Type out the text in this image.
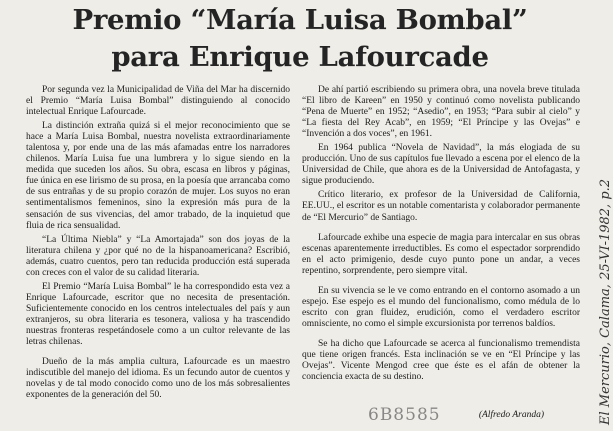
Premio “María Luisa Bombal”
para Enrique Lafourcade

Por segunda vez la Municipalidad de Viña del Mar ha discernido el Premio “María Luisa Bombal” distinguiendo al conocido intelectual Enrique Lafourcade.

La distinción extraña quizá si el mejor reconocimiento que se hace a María Luisa Bombal, nuestra novelista extraordinariamente talentosa y, por ende una de las más afamadas entre los narradores chilenos. María Luisa fue una lumbrera y lo sigue siendo en la medida que suceden los años. Su obra, escasa en libros y páginas, fue única en ese lirismo de su prosa, en la poesía que arrancaba como de sus entrañas y de su propio corazón de mujer. Los suyos no eran sentimentalismos femeninos, sino la expresión más pura de la sensación de sus vivencias, del amor trabado, de la inquietud que fluia de rica sensualidad.

“La Última Niebla” y “La Amortajada” son dos joyas de la literatura chilena y ¿por qué no de la hispanoamericana? Escribió, además, cuatro cuentos, pero tan reducida producción está superada con creces con el valor de su calidad literaria.

El Premio “María Luisa Bombal” le ha correspondido esta vez a Enrique Lafourcade, escritor que no necesita de presentación. Suficientemente conocido en los centros intelectuales del país y aun extranjeros, su obra literaria es tesonera, valiosa y ha trascendido nuestras fronteras respetándosele como a un cultor relevante de las letras chilenas.

Dueño de la más amplia cultura, Lafourcade es un maestro indiscutible del manejo del idioma. Es un fecundo autor de cuentos y novelas y de tal modo conocido como uno de los más sobresalientes exponentes de la generación del 50.

De ahí partió escribiendo su primera obra, una novela breve titulada “El libro de Kareen” en 1950 y continuó como novelista publicando “Pena de Muerte” en 1952; “Asedio”, en 1953; “Para subir al cielo” y “La fiesta del Rey Acab”, en 1959; “El Príncipe y las Ovejas” e “Invención a dos voces”, en 1961.

En 1964 publica “Novela de Navidad”, la más elogiada de su producción. Uno de sus capítulos fue llevado a escena por el elenco de la Universidad de Chile, que ahora es de la Universidad de Antofagasta, y sigue produciendo.

Crítico literario, ex profesor de la Universidad de California, EE.UU., el escritor es un notable comentarista y colaborador permanente de “El Mercurio” de Santiago.

Lafourcade exhibe una especie de magia para intercalar en sus obras escenas aparentemente irreductibles. Es como el espectador sorprendido en el acto primigenio, desde cuyo punto pone un andar, a veces repentino, sorprendente, pero siempre vital.

En su vivencia se le ve como entrando en el contorno asomado a un espejo. Ese espejo es el mundo del funcionalismo, como médula de lo escrito con gran fluidez, erudición, como el verdadero escritor omnisciente, no como el simple excursionista por terrenos baldíos.

Se ha dicho que Lafourcade se acerca al funcionalismo tremendista que tiene origen francés. Esta inclinación se ve en “El Príncipe y las Ovejas”. Vicente Mengod cree que éste es el afán de obtener la conciencia exacta de su destino.

(Alfredo Aranda)	El Mercurio, Calama, 25-VI-1982, p.2
6B8585
